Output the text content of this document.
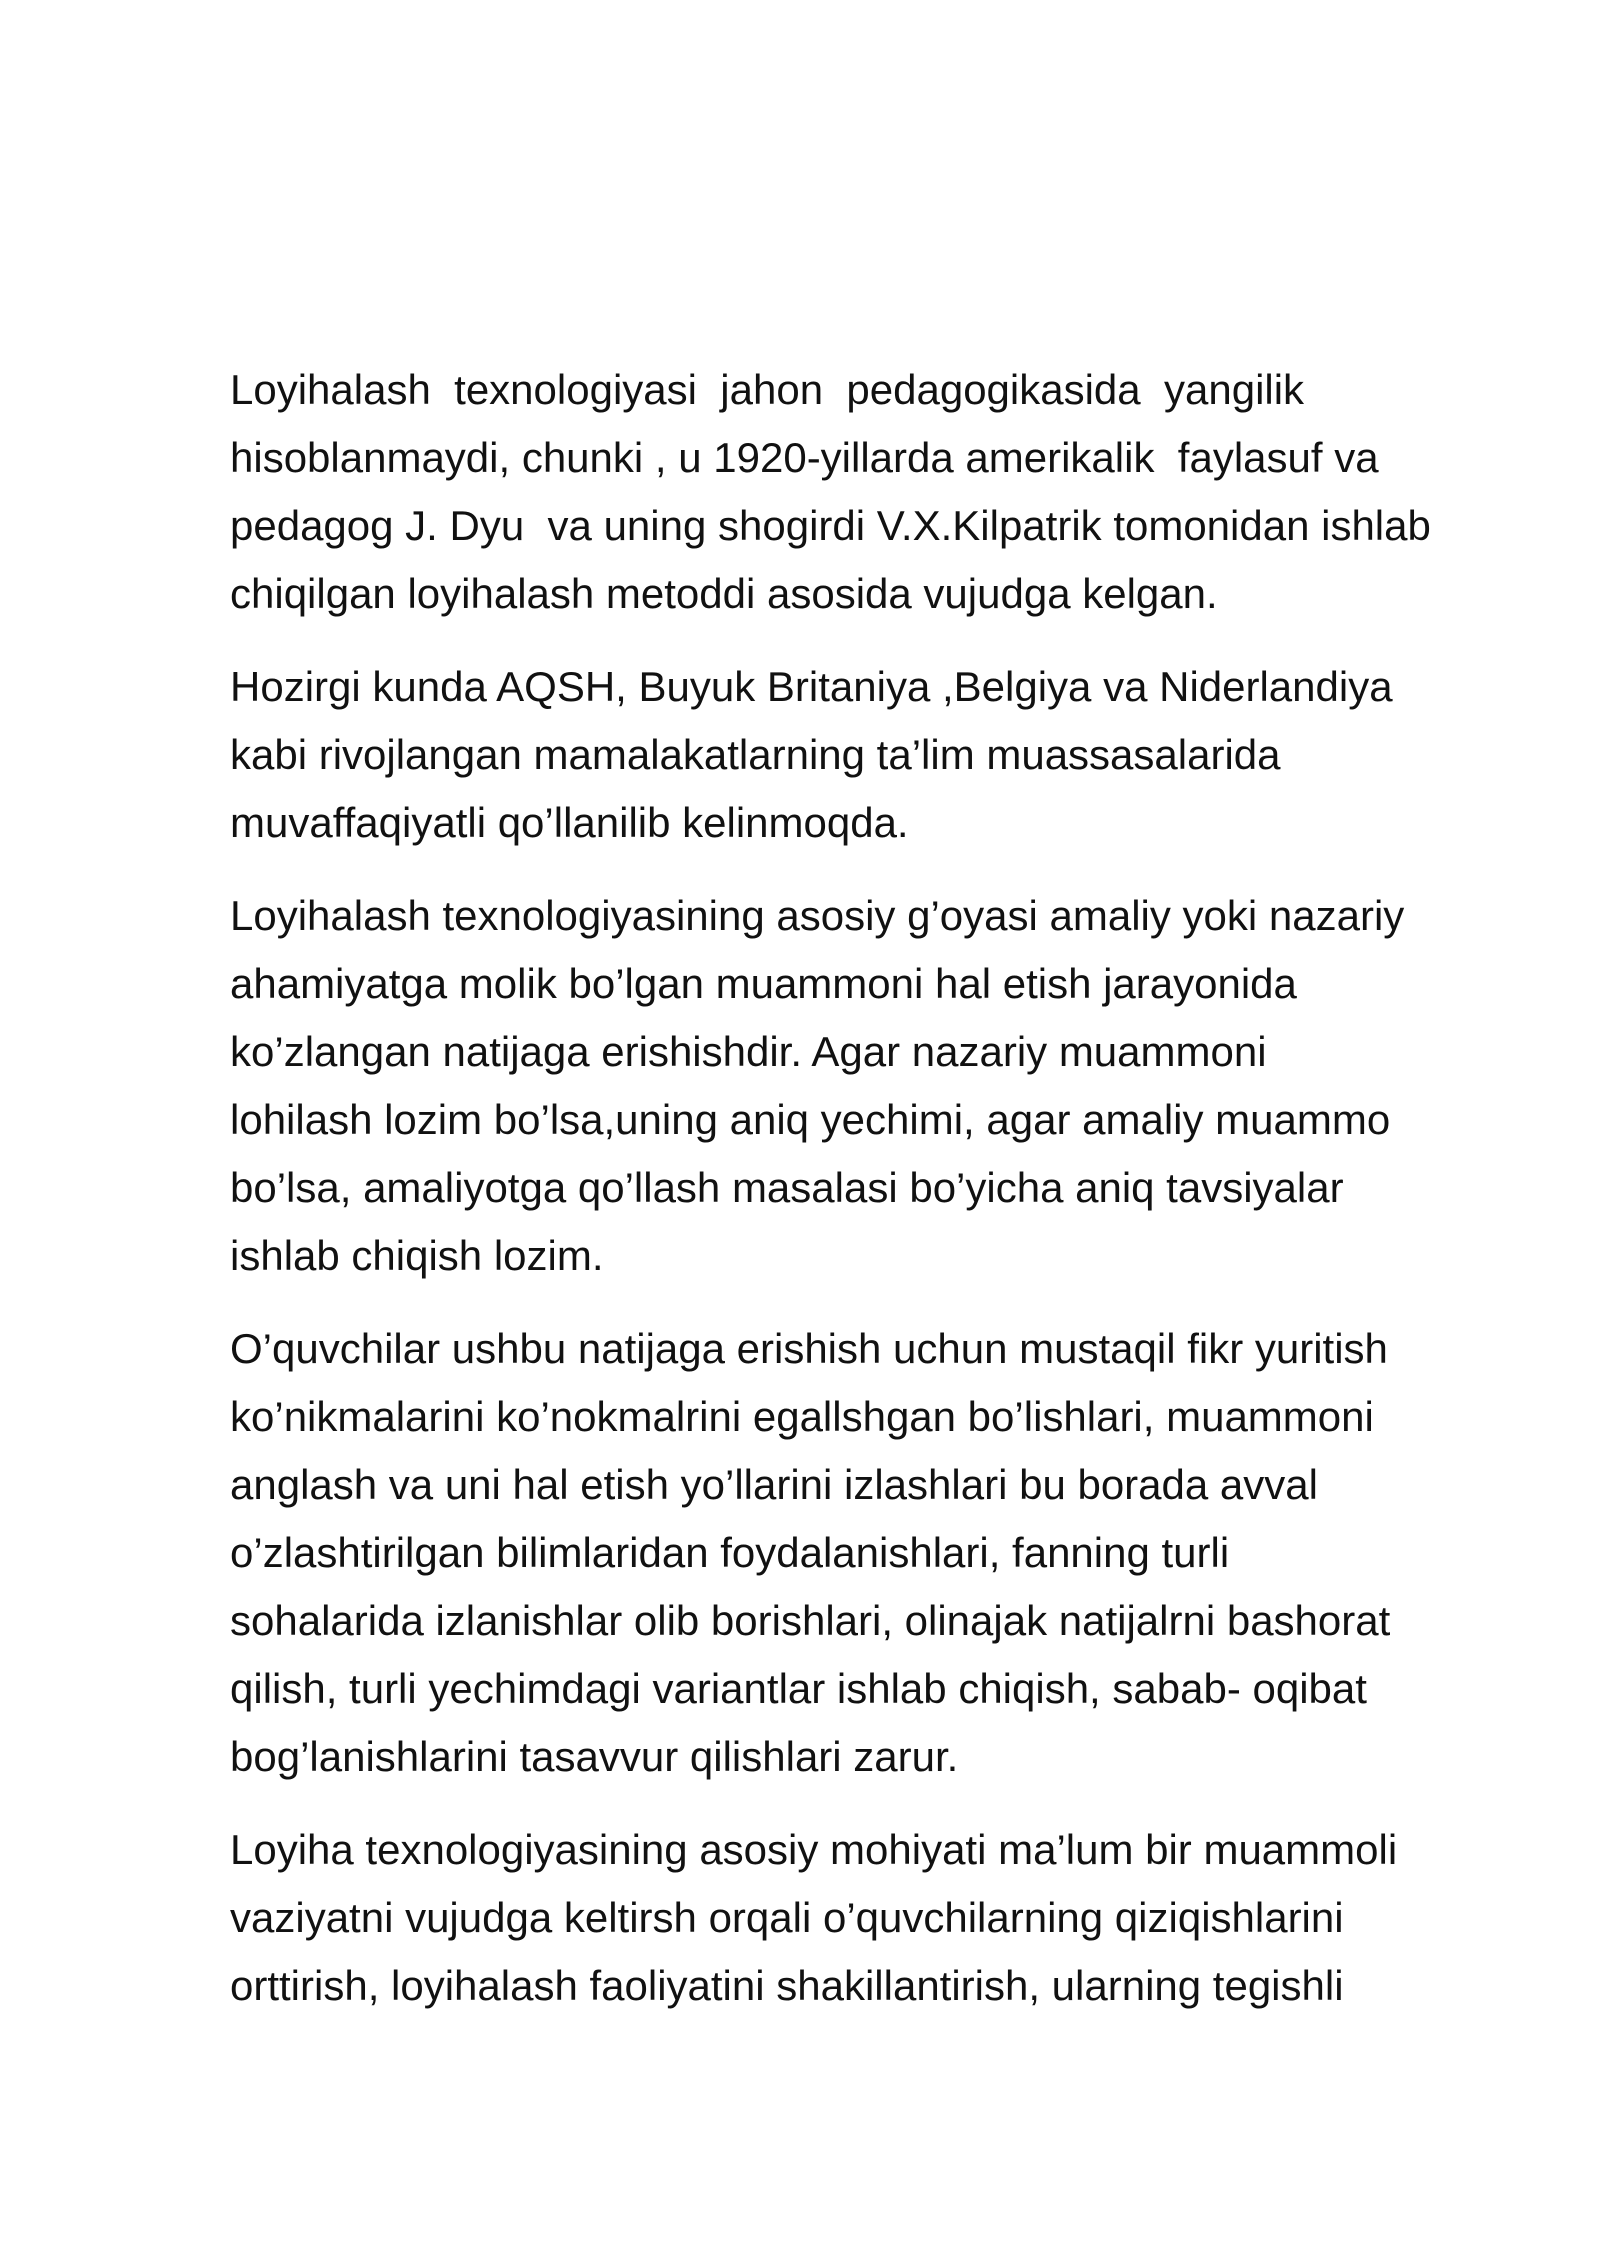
Loyihalash  texnologiyasi  jahon  pedagogikasida  yangilik
hisoblanmaydi, chunki , u 1920-yillarda amerikalik  faylasuf va
pedagog J. Dyu  va uning shogirdi V.X.Kilpatrik tomonidan ishlab
chiqilgan loyihalash metoddi asosida vujudga kelgan.

Hozirgi kunda AQSH, Buyuk Britaniya ,Belgiya va Niderlandiya
kabi rivojlangan mamalakatlarning ta’lim muassasalarida
muvaffaqiyatli qo’llanilib kelinmoqda.

Loyihalash texnologiyasining asosiy g’oyasi amaliy yoki nazariy
ahamiyatga molik bo’lgan muammoni hal etish jarayonida
ko’zlangan natijaga erishishdir. Agar nazariy muammoni
lohilash lozim bo’lsa,uning aniq yechimi, agar amaliy muammo
bo’lsa, amaliyotga qo’llash masalasi bo’yicha aniq tavsiyalar
ishlab chiqish lozim.

O’quvchilar ushbu natijaga erishish uchun mustaqil fikr yuritish
ko’nikmalarini ko’nokmalrini egallshgan bo’lishlari, muammoni
anglash va uni hal etish yo’llarini izlashlari bu borada avval
o’zlashtirilgan bilimlaridan foydalanishlari, fanning turli
sohalarida izlanishlar olib borishlari, olinajak natijalrni bashorat
qilish, turli yechimdagi variantlar ishlab chiqish, sabab- oqibat
bog’lanishlarini tasavvur qilishlari zarur.

Loyiha texnologiyasining asosiy mohiyati ma’lum bir muammoli
vaziyatni vujudga keltirsh orqali o’quvchilarning qiziqishlarini
orttirish, loyihalash faoliyatini shakillantirish, ularning tegishli
